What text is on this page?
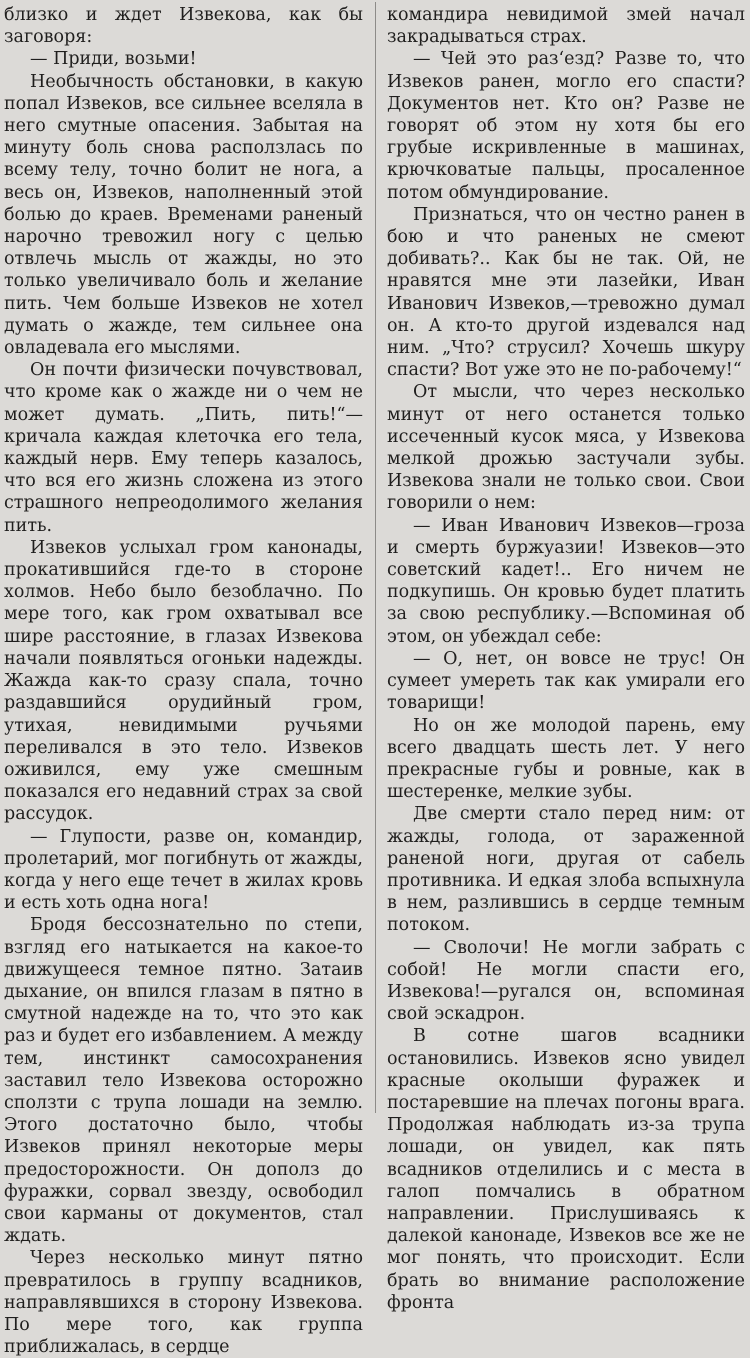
близко и ждет Извекова, как бы заговоря:

— Приди, возьми!

Необычность обстановки, в какую попал Извеков, все сильнее вселяла в него смутные опасения. Забытая на минуту боль снова расползлась по всему телу, точно болит не нога, а весь он, Извеков, наполненный этой болью до краев. Временами раненый нарочно тревожил ногу с целью отвлечь мысль от жажды, но это только увеличивало боль и желание пить. Чем больше Извеков не хотел думать о жажде, тем сильнее она овладевала его мыслями.

Он почти физически почувствовал, что кроме как о жажде ни о чем не может думать. „Пить, пить!“—кричала каждая клеточка его тела, каждый нерв. Ему теперь казалось, что вся его жизнь сложена из этого страшного непреодолимого желания пить.

Извеков услыхал гром канонады, прокатившийся где-то в стороне холмов. Небо было безоблачно. По мере того, как гром охватывал все шире расстояние, в глазах Извекова начали появляться огоньки надежды. Жажда как-то сразу спала, точно раздавшийся орудийный гром, утихая, невидимыми ручьями переливался в это тело. Извеков оживился, ему уже смешным показался его недавний страх за свой рассудок.

— Глупости, разве он, командир, пролетарий, мог погибнуть от жажды, когда у него еще течет в жилах кровь и есть хоть одна нога!

Бродя бессознательно по степи, взгляд его натыкается на какое-то движущееся темное пятно. Затаив дыхание, он впился глазам в пятно в смутной надежде на то, что это как раз и будет его избавлением. А между тем, инстинкт самосохранения заставил тело Извекова осторожно сползти с трупа лошади на землю. Этого достаточно было, чтобы Извеков принял некоторые меры предосторожности. Он дополз до фуражки, сорвал звезду, освободил свои карманы от документов, стал ждать.

Через несколько минут пятно превратилось в группу всадников, направлявшихся в сторону Извекова. По мере того, как группа приближалась, в сердце

командира невидимой змей начал закрадываться страх.

— Чей это раз‘езд? Разве то, что Извеков ранен, могло его спасти? Документов нет. Кто он? Разве не говорят об этом ну хотя бы его грубые искривленные в машинах, крючковатые пальцы, просаленное потом обмундирование.

Признаться, что он честно ранен в бою и что раненых не смеют добивать?.. Как бы не так. Ой, не нравятся мне эти лазейки, Иван Иванович Извеков,—тревожно думал он. А кто-то другой издевался над ним. „Что? струсил? Хочешь шкуру спасти? Вот уже это не по-рабочему!“

От мысли, что через несколько минут от него останется только иссеченный кусок мяса, у Извекова мелкой дрожью застучали зубы. Извекова знали не только свои. Свои говорили о нем:

— Иван Иванович Извеков—гроза и смерть буржуазии! Извеков—это советский кадет!.. Его ничем не подкупишь. Он кровью будет платить за свою республику.—Вспоминая об этом, он убеждал себе:

— О, нет, он вовсе не трус! Он сумеет умереть так как умирали его товарищи!

Но он же молодой парень, ему всего двадцать шесть лет. У него прекрасные губы и ровные, как в шестеренке, мелкие зубы.

Две смерти стало перед ним: от жажды, голода, от зараженной раненой ноги, другая от сабель противника. И едкая злоба вспыхнула в нем, разлившись в сердце темным потоком.

— Сволочи! Не могли забрать с собой! Не могли спасти его, Извекова!—ругался он, вспоминая свой эскадрон.

В сотне шагов всадники остановились. Извеков ясно увидел красные околыши фуражек и постаревшие на плечах погоны врага. Продолжая наблюдать из-за трупа лошади, он увидел, как пять всадников отделились и с места в галоп помчались в обратном направлении. Прислушиваясь к далекой канонаде, Извеков все же не мог понять, что происходит. Если брать во внимание расположение фронта
